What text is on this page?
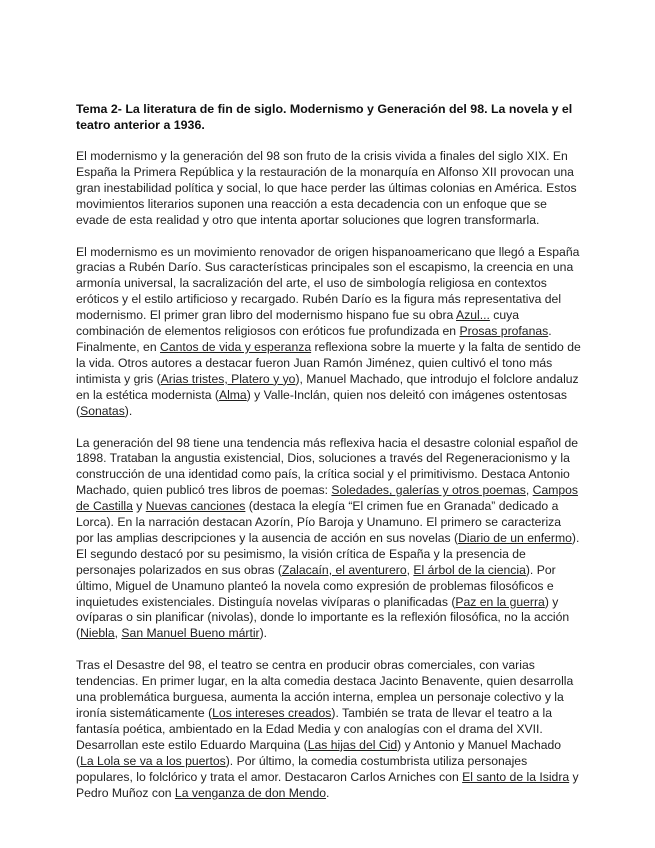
Tema 2- La literatura de fin de siglo. Modernismo y Generación del 98. La novela y el teatro anterior a 1936.

El modernismo y la generación del 98 son fruto de la crisis vivida a finales del siglo XIX. En España la Primera República y la restauración de la monarquía en Alfonso XII provocan una gran inestabilidad política y social, lo que hace perder las últimas colonias en América. Estos movimientos literarios suponen una reacción a esta decadencia con un enfoque que se evade de esta realidad y otro que intenta aportar soluciones que logren transformarla.

El modernismo es un movimiento renovador de origen hispanoamericano que llegó a España gracias a Rubén Darío. Sus características principales son el escapismo, la creencia en una armonía universal, la sacralización del arte, el uso de simbología religiosa en contextos eróticos y el estilo artificioso y recargado. Rubén Darío es la figura más representativa del modernismo. El primer gran libro del modernismo hispano fue su obra Azul... cuya combinación de elementos religiosos con eróticos fue profundizada en Prosas profanas. Finalmente, en Cantos de vida y esperanza reflexiona sobre la muerte y la falta de sentido de la vida. Otros autores a destacar fueron Juan Ramón Jiménez, quien cultivó el tono más intimista y gris (Arias tristes, Platero y yo), Manuel Machado, que introdujo el folclore andaluz en la estética modernista (Alma) y Valle-Inclán, quien nos deleitó con imágenes ostentosas (Sonatas).

La generación del 98 tiene una tendencia más reflexiva hacia el desastre colonial español de 1898. Trataban la angustia existencial, Dios, soluciones a través del Regeneracionismo y la construcción de una identidad como país, la crítica social y el primitivismo. Destaca Antonio Machado, quien publicó tres libros de poemas: Soledades, galerías y otros poemas, Campos de Castilla y Nuevas canciones (destaca la elegía “El crimen fue en Granada” dedicado a Lorca). En la narración destacan Azorín, Pío Baroja y Unamuno. El primero se caracteriza por las amplias descripciones y la ausencia de acción en sus novelas (Diario de un enfermo). El segundo destacó por su pesimismo, la visión crítica de España y la presencia de personajes polarizados en sus obras (Zalacaín, el aventurero, El árbol de la ciencia). Por último, Miguel de Unamuno planteó la novela como expresión de problemas filosóficos e inquietudes existenciales. Distinguía novelas vivíparas o planificadas (Paz en la guerra) y ovíparas o sin planificar (nivolas), donde lo importante es la reflexión filosófica, no la acción (Niebla, San Manuel Bueno mártir).

Tras el Desastre del 98, el teatro se centra en producir obras comerciales, con varias tendencias. En primer lugar, en la alta comedia destaca Jacinto Benavente, quien desarrolla una problemática burguesa, aumenta la acción interna, emplea un personaje colectivo y la ironía sistemáticamente (Los intereses creados). También se trata de llevar el teatro a la fantasía poética, ambientado en la Edad Media y con analogías con el drama del XVII. Desarrollan este estilo Eduardo Marquina (Las hijas del Cid) y Antonio y Manuel Machado (La Lola se va a los puertos). Por último, la comedia costumbrista utiliza personajes populares, lo folclórico y trata el amor. Destacaron Carlos Arniches con El santo de la Isidra y Pedro Muñoz con La venganza de don Mendo.
